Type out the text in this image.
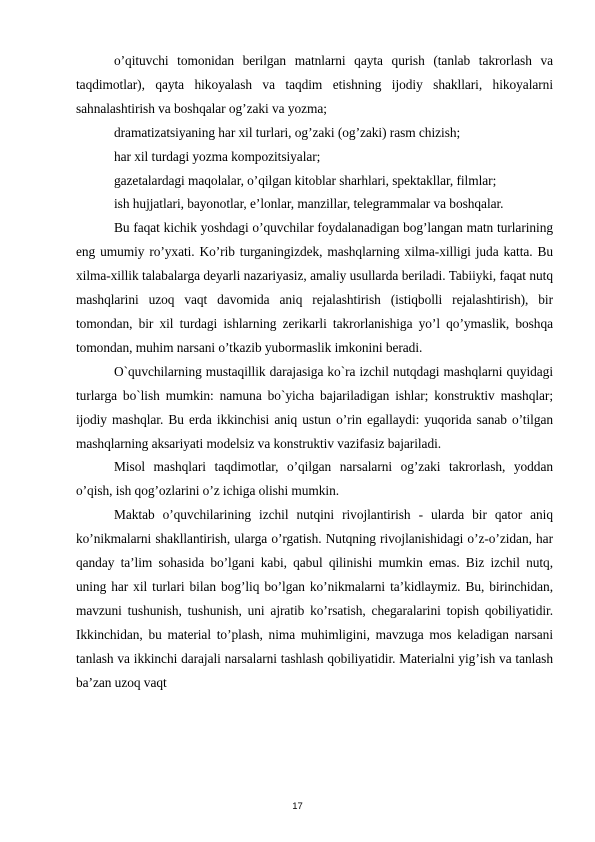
o’qituvchi tomonidan berilgan matnlarni qayta qurish (tanlab takrorlash va taqdimotlar), qayta hikoyalash va taqdim etishning ijodiy shakllari, hikoyalarni sahnalashtirish va boshqalar og’zaki va yozma;

dramatizatsiyaning har xil turlari, og’zaki (og’zaki) rasm chizish;

har xil turdagi yozma kompozitsiyalar;

gazetalardagi maqolalar, o’qilgan kitoblar sharhlari, spektakllar, filmlar;

ish hujjatlari, bayonotlar, e’lonlar, manzillar, telegrammalar va boshqalar.

Bu faqat kichik yoshdagi o’quvchilar foydalanadigan bog’langan matn turlarining eng umumiy ro’yxati. Ko’rib turganingizdek, mashqlarning xilma-xilligi juda katta. Bu xilma-xillik talabalarga deyarli nazariyasiz, amaliy usullarda beriladi. Tabiiyki, faqat nutq mashqlarini uzoq vaqt davomida aniq rejalashtirish (istiqbolli rejalashtirish), bir tomondan, bir xil turdagi ishlarning zerikarli takrorlanishiga yo’l qo’ymaslik, boshqa tomondan, muhim narsani o’tkazib yubormaslik imkonini beradi.

O`quvchilarning mustaqillik darajasiga ko`ra izchil nutqdagi mashqlarni quyidagi turlarga bo`lish mumkin: namuna bo`yicha bajariladigan ishlar; konstruktiv mashqlar; ijodiy mashqlar. Bu erda ikkinchisi aniq ustun o’rin egallaydi: yuqorida sanab o’tilgan mashqlarning aksariyati modelsiz va konstruktiv vazifasiz bajariladi.

Misol mashqlari taqdimotlar, o’qilgan narsalarni og’zaki takrorlash, yoddan o’qish, ish qog’ozlarini o’z ichiga olishi mumkin.

Maktab o’quvchilarining izchil nutqini rivojlantirish - ularda bir qator aniq ko’nikmalarni shakllantirish, ularga o’rgatish. Nutqning rivojlanishidagi o’z-o’zidan, har qanday ta’lim sohasida bo’lgani kabi, qabul qilinishi mumkin emas. Biz izchil nutq, uning har xil turlari bilan bog’liq bo’lgan ko’nikmalarni ta’kidlaymiz. Bu, birinchidan, mavzuni tushunish, tushunish, uni ajratib ko’rsatish, chegaralarini topish qobiliyatidir. Ikkinchidan, bu material to’plash, nima muhimligini, mavzuga mos keladigan narsani tanlash va ikkinchi darajali narsalarni tashlash qobiliyatidir. Materialni yig’ish va tanlash ba’zan uzoq vaqt

17
